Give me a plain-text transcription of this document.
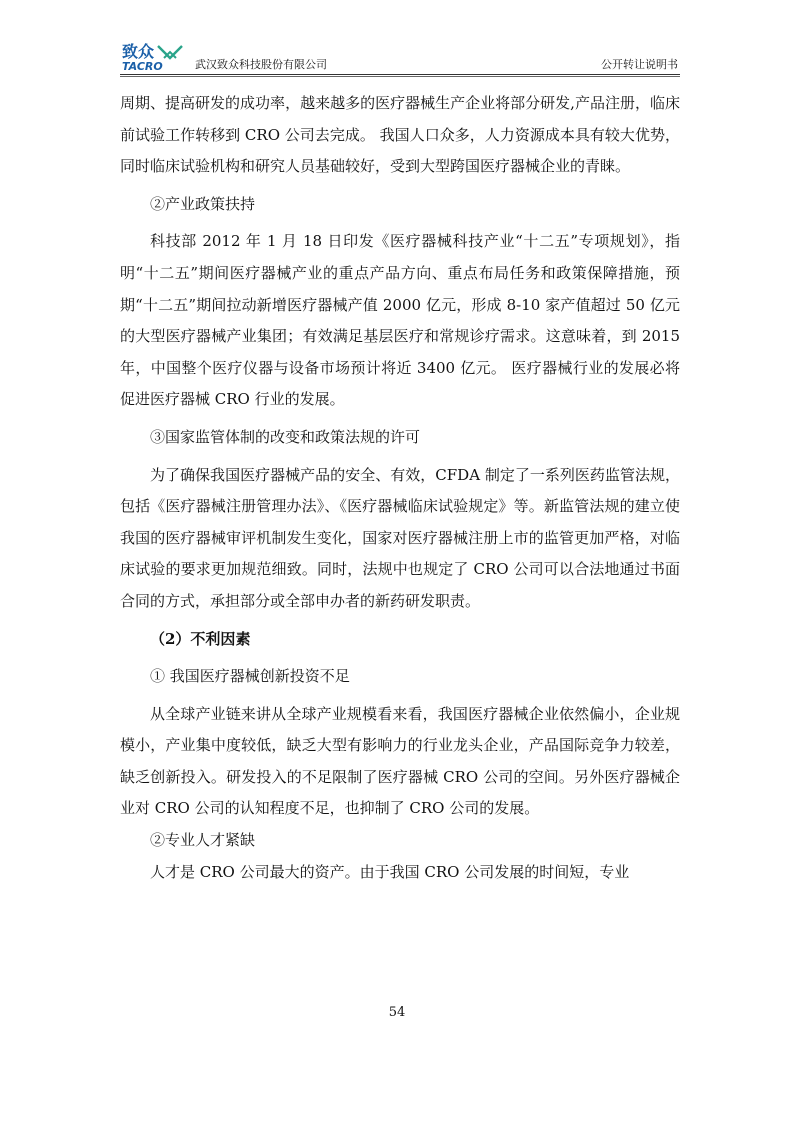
致众
TACRO	武汉致众科技股份有限公司	公开转让说明书

周期、提高研发的成功率，越来越多的医疗器械生产企业将部分研发,产品注册，临床前试验工作转移到 CRO 公司去完成。 我国人口众多，人力资源成本具有较大优势，同时临床试验机构和研究人员基础较好，受到大型跨国医疗器械企业的青睐。

②产业政策扶持

科技部 2012 年 1 月 18 日印发《医疗器械科技产业“十二五”专项规划》，指明“十二五”期间医疗器械产业的重点产品方向、重点布局任务和政策保障措施，预期“十二五”期间拉动新增医疗器械产值 2000 亿元，形成 8-10 家产值超过 50 亿元的大型医疗器械产业集团；有效满足基层医疗和常规诊疗需求。这意味着，到 2015 年，中国整个医疗仪器与设备市场预计将近 3400 亿元。 医疗器械行业的发展必将促进医疗器械 CRO 行业的发展。

③国家监管体制的改变和政策法规的许可

为了确保我国医疗器械产品的安全、有效，CFDA 制定了一系列医药监管法规，包括《医疗器械注册管理办法》、《医疗器械临床试验规定》等。新监管法规的建立使我国的医疗器械审评机制发生变化，国家对医疗器械注册上市的监管更加严格，对临床试验的要求更加规范细致。同时，法规中也规定了 CRO 公司可以合法地通过书面合同的方式，承担部分或全部申办者的新药研发职责。

（2）不利因素

① 我国医疗器械创新投资不足

从全球产业链来讲从全球产业规模看来看，我国医疗器械企业依然偏小，企业规模小，产业集中度较低，缺乏大型有影响力的行业龙头企业，产品国际竞争力较差，缺乏创新投入。研发投入的不足限制了医疗器械 CRO 公司的空间。另外医疗器械企业对 CRO 公司的认知程度不足，也抑制了 CRO 公司的发展。

②专业人才紧缺

人才是 CRO 公司最大的资产。由于我国 CRO 公司发展的时间短，专业

54
